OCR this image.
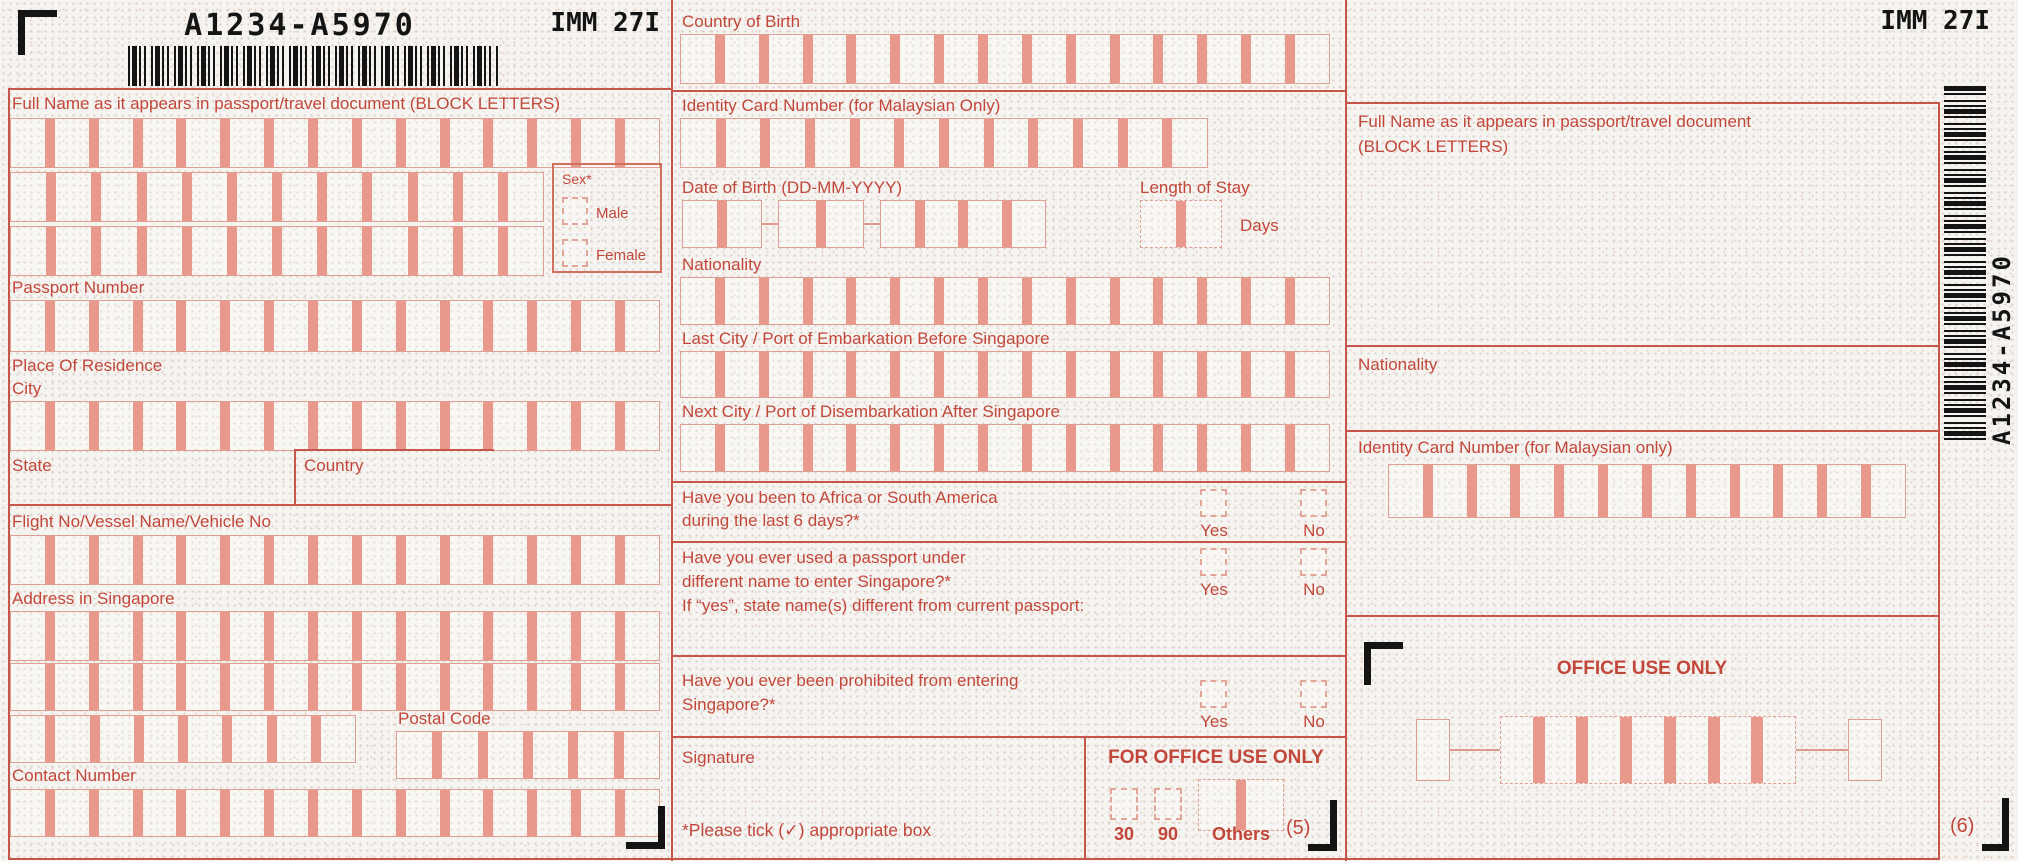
A1234-A5970	IMM 27I
Full Name as it appears in passport/travel document (BLOCK LETTERS)
Sex*
Male
Female
Passport Number
Place Of Residence
City
State	Country
Flight No/Vessel Name/Vehicle No
Address in Singapore
Postal Code
Contact Number
Country of Birth
Identity Card Number (for Malaysian Only)
Date of Birth (DD-MM-YYYY)	Length of Stay
Days
Nationality
Last City / Port of Embarkation Before Singapore
Next City / Port of Disembarkation After Singapore
Have you been to Africa or South America
during the last 6 days?*
Yes	No
Have you ever used a passport under
different name to enter Singapore?*
If “yes”, state name(s) different from current passport:
Yes	No
Have you ever been prohibited from entering
Singapore?*
Yes	No
Signature	FOR OFFICE USE ONLY
30	90	Others (5)
*Please tick (✓) appropriate box
IMM 27I
Full Name as it appears in passport/travel document
(BLOCK LETTERS)
Nationality
Identity Card Number (for Malaysian only)
OFFICE USE ONLY
A1234-A5970
(6)
